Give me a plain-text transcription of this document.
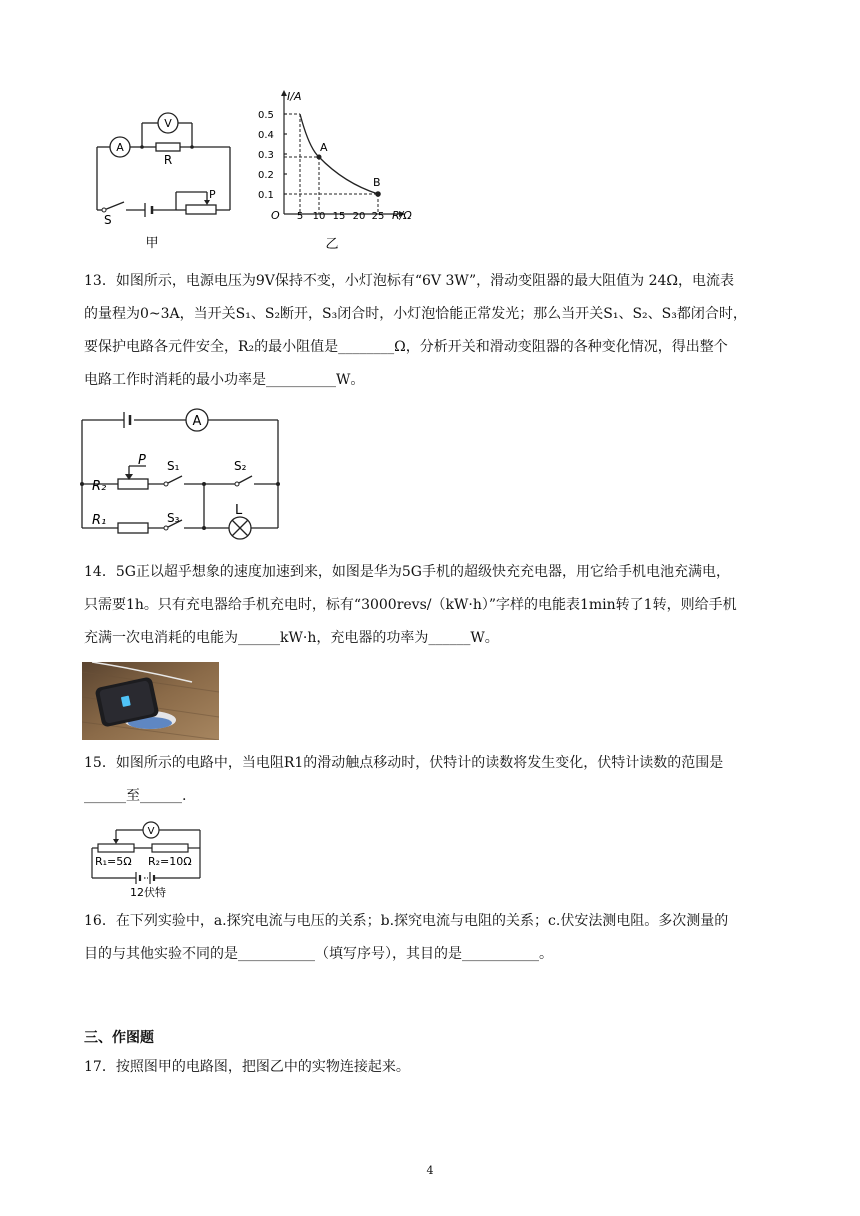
A
V
R
S
P
甲
I/A
R/Ω
O
0.5
0.4
0.3
0.2
0.1
5 10 15 20 25
A
B
乙

13．如图所示，电源电压为9V保持不变，小灯泡标有“6V 3W”，滑动变阻器的最大阻值为 24Ω，电流表

的量程为0~3A，当开关S₁、S₂断开，S₃闭合时，小灯泡恰能正常发光；那么当开关S₁、S₂、S₃都闭合时，

要保护电路各元件安全，R₂的最小阻值是________Ω，分析开关和滑动变阻器的各种变化情况，得出整个

电路工作时消耗的最小功率是__________W。

A
P S₁	S₂
S₃
R₂
R₁
L

14．5G正以超乎想象的速度加速到来，如图是华为5G手机的超级快充充电器，用它给手机电池充满电，

只需要1h。只有充电器给手机充电时，标有“3000revs/（kW·h）”字样的电能表1min转了1转，则给手机

充满一次电消耗的电能为______kW·h，充电器的功率为______W。

15．如图所示的电路中，当电阻R1的滑动触点移动时，伏特计的读数将发生变化，伏特计读数的范围是

______至______.

V
R₁=5Ω R₂=10Ω
12伏特

16．在下列实验中，a.探究电流与电压的关系；b.探究电流与电阻的关系；c.伏安法测电阻。多次测量的

目的与其他实验不同的是___________（填写序号），其目的是___________。

三、作图题

17．按照图甲的电路图，把图乙中的实物连接起来。

4
